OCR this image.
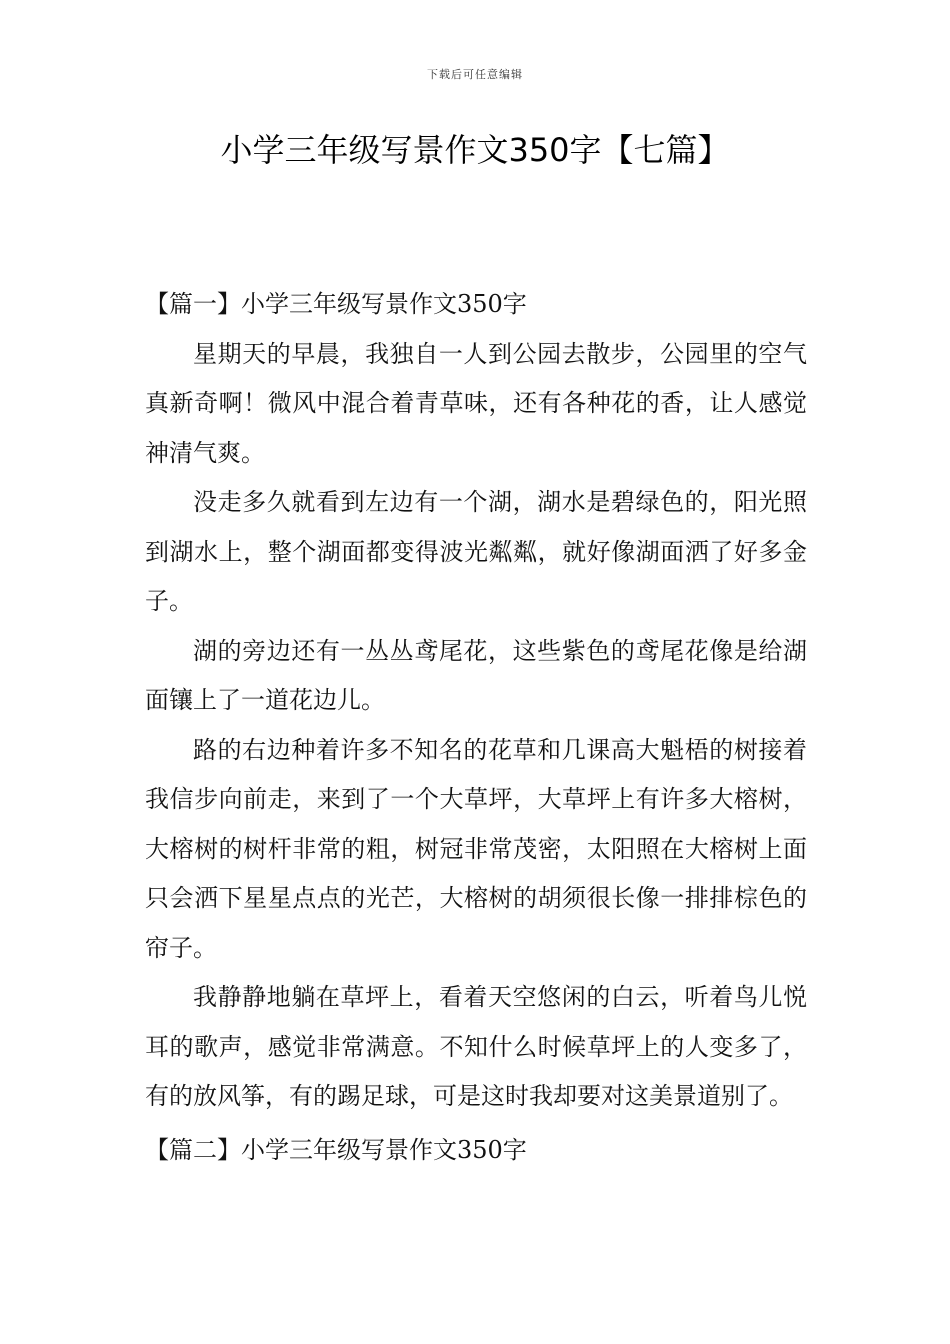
下载后可任意编辑
小学三年级写景作文350字【七篇】
【篇一】小学三年级写景作文350字

星期天的早晨，我独自一人到公园去散步，公园里的空气真新奇啊！微风中混合着青草味，还有各种花的香，让人感觉神清气爽。

没走多久就看到左边有一个湖，湖水是碧绿色的，阳光照到湖水上，整个湖面都变得波光粼粼，就好像湖面洒了好多金子。

湖的旁边还有一丛丛鸢尾花，这些紫色的鸢尾花像是给湖面镶上了一道花边儿。

路的右边种着许多不知名的花草和几课高大魁梧的树接着我信步向前走，来到了一个大草坪，大草坪上有许多大榕树，大榕树的树杆非常的粗，树冠非常茂密，太阳照在大榕树上面只会洒下星星点点的光芒，大榕树的胡须很长像一排排棕色的帘子。

我静静地躺在草坪上，看着天空悠闲的白云，听着鸟儿悦耳的歌声，感觉非常满意。不知什么时候草坪上的人变多了，有的放风筝，有的踢足球，可是这时我却要对这美景道别了。

【篇二】小学三年级写景作文350字
